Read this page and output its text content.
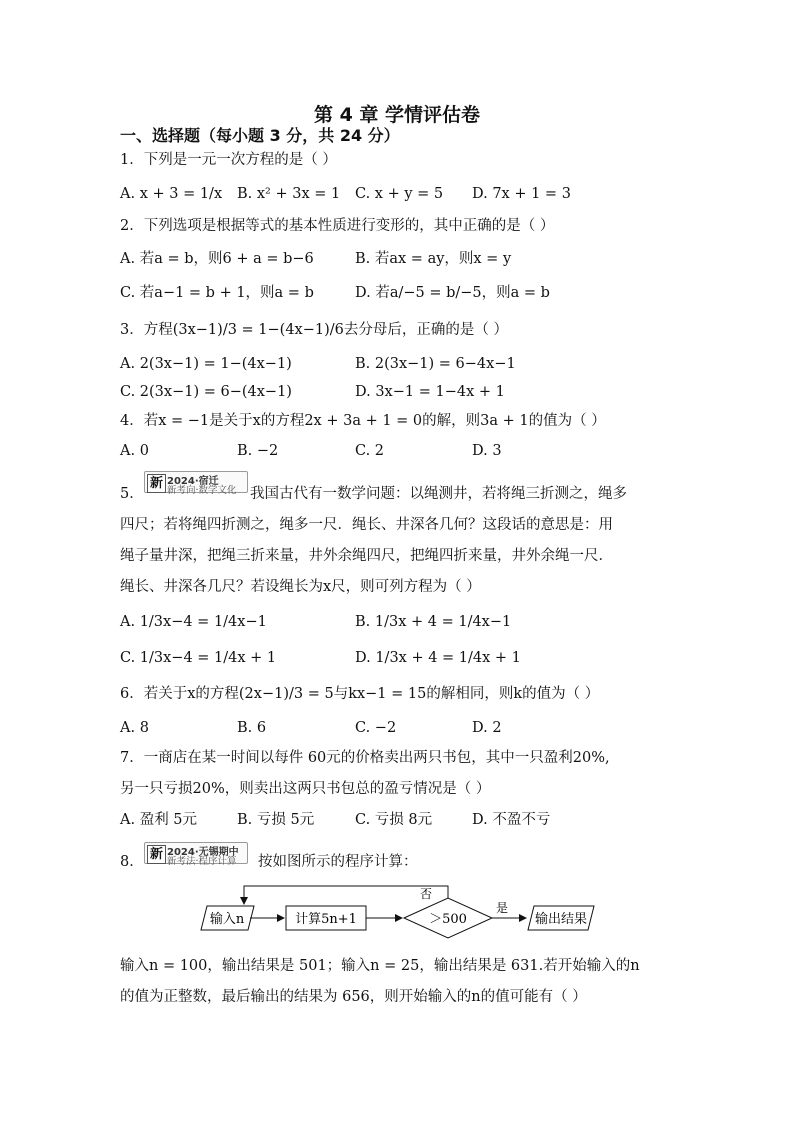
第 4 章 学情评估卷
一、选择题（每小题 3 分，共 24 分）
1．下列是一元一次方程的是（ ）
A. x + 3 = 1/x B. x² + 3x = 1 C. x + y = 5 D. 7x + 1 = 3
2．下列选项是根据等式的基本性质进行变形的，其中正确的是（ ）
A. 若a = b，则6 + a = b−6	B. 若ax = ay，则x = y
C. 若a−1 = b + 1，则a = b	D. 若a/−5 = b/−5，则a = b
3．方程(3x−1)/3 = 1−(4x−1)/6去分母后，正确的是（ ）
A. 2(3x−1) = 1−(4x−1)	B. 2(3x−1) = 6−4x−1
C. 2(3x−1) = 6−(4x−1)	D. 3x−1 = 1−4x + 1
4．若x = −1是关于x的方程2x + 3a + 1 = 0的解，则3a + 1的值为（ ）
A. 0	B. −2	C. 2	D. 3
5．
新 2024·宿迁
新考向·数学文化 我国古代有一数学问题：以绳测井，若将绳三折测之，绳多
四尺；若将绳四折测之，绳多一尺．绳长、井深各几何？这段话的意思是：用
绳子量井深，把绳三折来量，井外余绳四尺，把绳四折来量，井外余绳一尺．
绳长、井深各几尺？若设绳长为x尺，则可列方程为（ ）
A. 1/3x−4 = 1/4x−1	B. 1/3x + 4 = 1/4x−1
C. 1/3x−4 = 1/4x + 1	D. 1/3x + 4 = 1/4x + 1
6．若关于x的方程(2x−1)/3 = 5与kx−1 = 15的解相同，则k的值为（ ）
A. 8	B. 6	C. −2	D. 2
7．一商店在某一时间以每件 60元的价格卖出两只书包，其中一只盈利20%,
另一只亏损20%，则卖出这两只书包总的盈亏情况是（ ）
A. 盈利 5元	B. 亏损 5元	C. 亏损 8元	D. 不盈不亏
8． 新 2024·无锡期中
新考法·程序计算 按如图所示的程序计算：
输入n	计算5n+1	＞500
否
是
输出结果
输入n = 100，输出结果是 501；输入n = 25，输出结果是 631.若开始输入的n
的值为正整数，最后输出的结果为 656，则开始输入的n的值可能有（ ）
